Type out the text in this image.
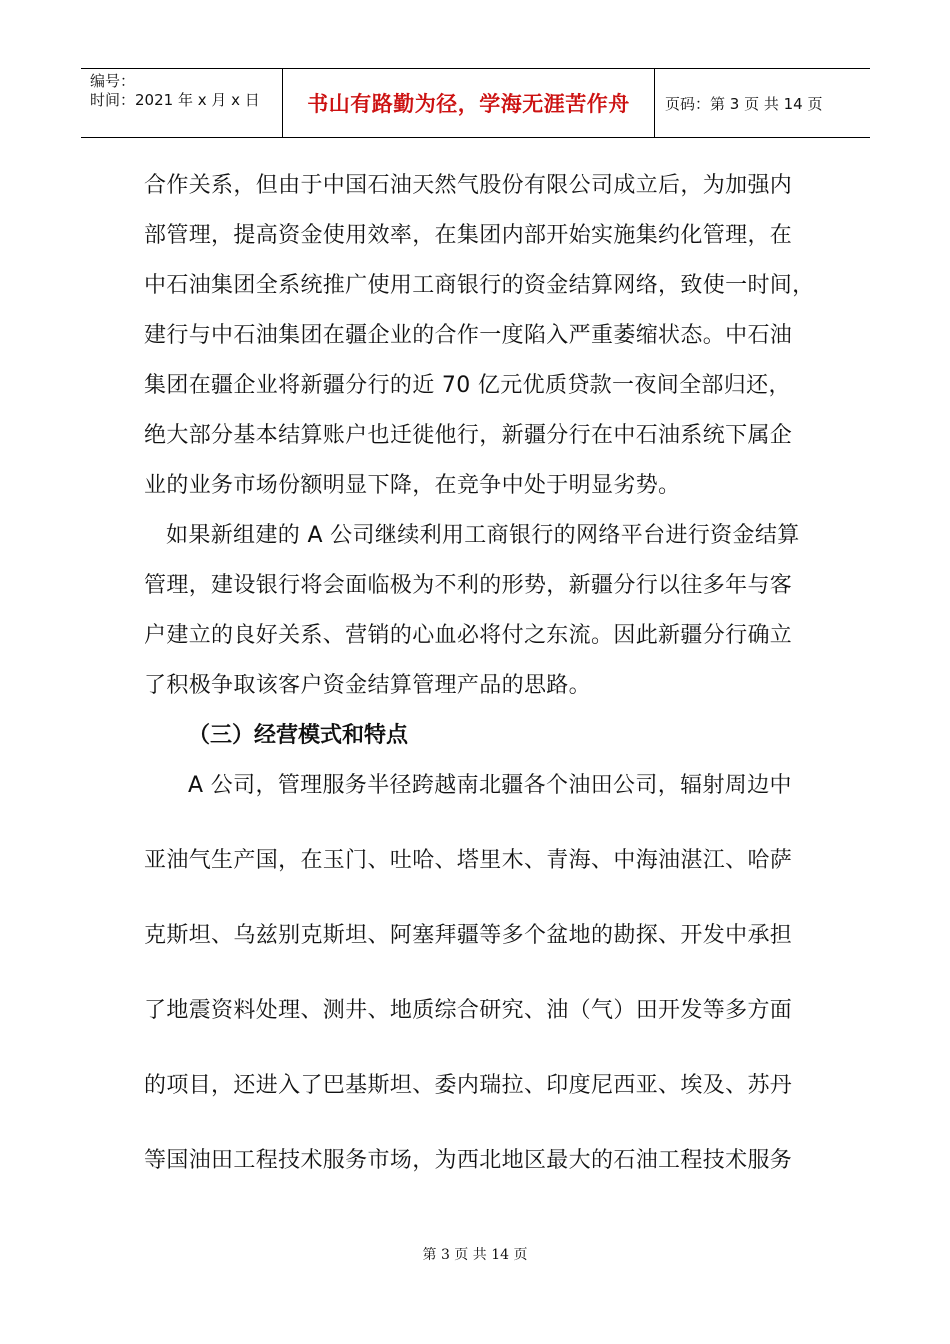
编号：
时间：2021 年 x 月 x 日	书山有路勤为径，学海无涯苦作舟	页码：第 3 页 共 14 页
合作关系，但由于中国石油天然气股份有限公司成立后，为加强内
部管理，提高资金使用效率，在集团内部开始实施集约化管理，在
中石油集团全系统推广使用工商银行的资金结算网络，致使一时间，
建行与中石油集团在疆企业的合作一度陷入严重萎缩状态。中石油
集团在疆企业将新疆分行的近 70 亿元优质贷款一夜间全部归还，
绝大部分基本结算账户也迁徙他行，新疆分行在中石油系统下属企
业的业务市场份额明显下降，在竞争中处于明显劣势。
如果新组建的 A 公司继续利用工商银行的网络平台进行资金结算
管理，建设银行将会面临极为不利的形势，新疆分行以往多年与客
户建立的良好关系、营销的心血必将付之东流。因此新疆分行确立
了积极争取该客户资金结算管理产品的思路。
（三）经营模式和特点
A 公司，管理服务半径跨越南北疆各个油田公司，辐射周边中
亚油气生产国，在玉门、吐哈、塔里木、青海、中海油湛江、哈萨
克斯坦、乌兹别克斯坦、阿塞拜疆等多个盆地的勘探、开发中承担
了地震资料处理、测井、地质综合研究、油（气）田开发等多方面
的项目，还进入了巴基斯坦、委内瑞拉、印度尼西亚、埃及、苏丹
等国油田工程技术服务市场，为西北地区最大的石油工程技术服务
第 3 页 共 14 页
